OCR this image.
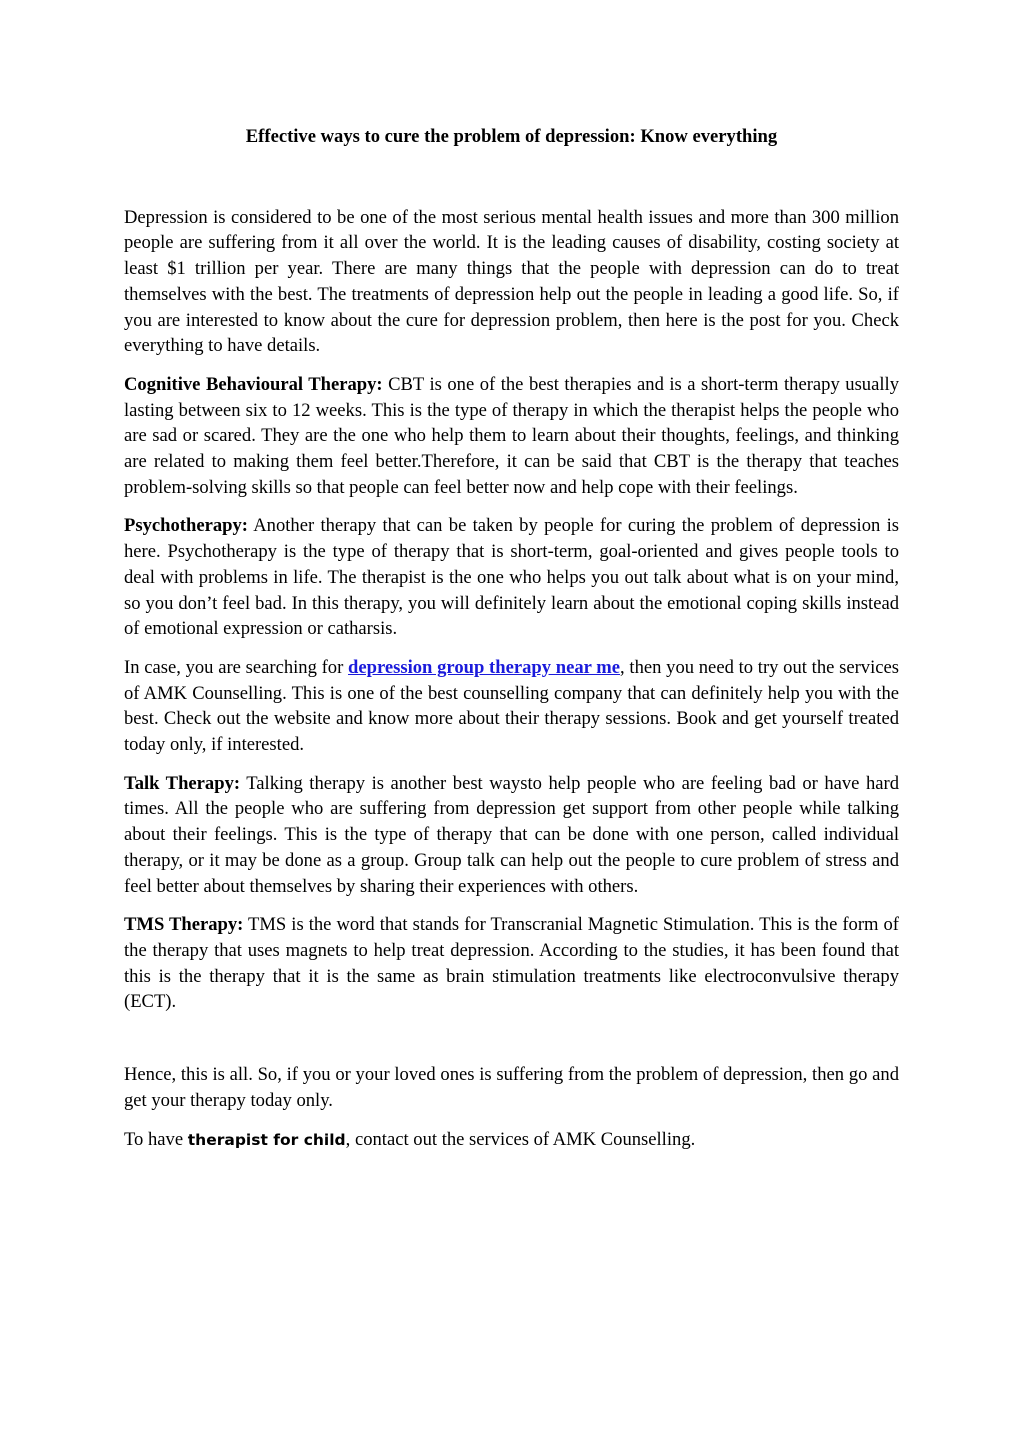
Effective ways to cure the problem of depression: Know everything

Depression is considered to be one of the most serious mental health issues and more than 300 million people are suffering from it all over the world. It is the leading causes of disability, costing society at least $1 trillion per year. There are many things that the people with depression can do to treat themselves with the best. The treatments of depression help out the people in leading a good life. So, if you are interested to know about the cure for depression problem, then here is the post for you. Check everything to have details.

Cognitive Behavioural Therapy: CBT is one of the best therapies and is a short-term therapy usually lasting between six to 12 weeks. This is the type of therapy in which the therapist helps the people who are sad or scared. They are the one who help them to learn about their thoughts, feelings, and thinking are related to making them feel better.Therefore, it can be said that CBT is the therapy that teaches problem-solving skills so that people can feel better now and help cope with their feelings.

Psychotherapy: Another therapy that can be taken by people for curing the problem of depression is here. Psychotherapy is the type of therapy that is short-term, goal-oriented and gives people tools to deal with problems in life. The therapist is the one who helps you out talk about what is on your mind, so you don’t feel bad. In this therapy, you will definitely learn about the emotional coping skills instead of emotional expression or catharsis.

In case, you are searching for depression group therapy near me, then you need to try out the services of AMK Counselling. This is one of the best counselling company that can definitely help you with the best. Check out the website and know more about their therapy sessions. Book and get yourself treated today only, if interested.

Talk Therapy: Talking therapy is another best waysto help people who are feeling bad or have hard times. All the people who are suffering from depression get support from other people while talking about their feelings. This is the type of therapy that can be done with one person, called individual therapy, or it may be done as a group. Group talk can help out the people to cure problem of stress and feel better about themselves by sharing their experiences with others.

TMS Therapy: TMS is the word that stands for Transcranial Magnetic Stimulation. This is the form of the therapy that uses magnets to help treat depression. According to the studies, it has been found that this is the therapy that it is the same as brain stimulation treatments like electroconvulsive therapy (ECT).

Hence, this is all. So, if you or your loved ones is suffering from the problem of depression, then go and get your therapy today only.

To have therapist for child, contact out the services of AMK Counselling.
